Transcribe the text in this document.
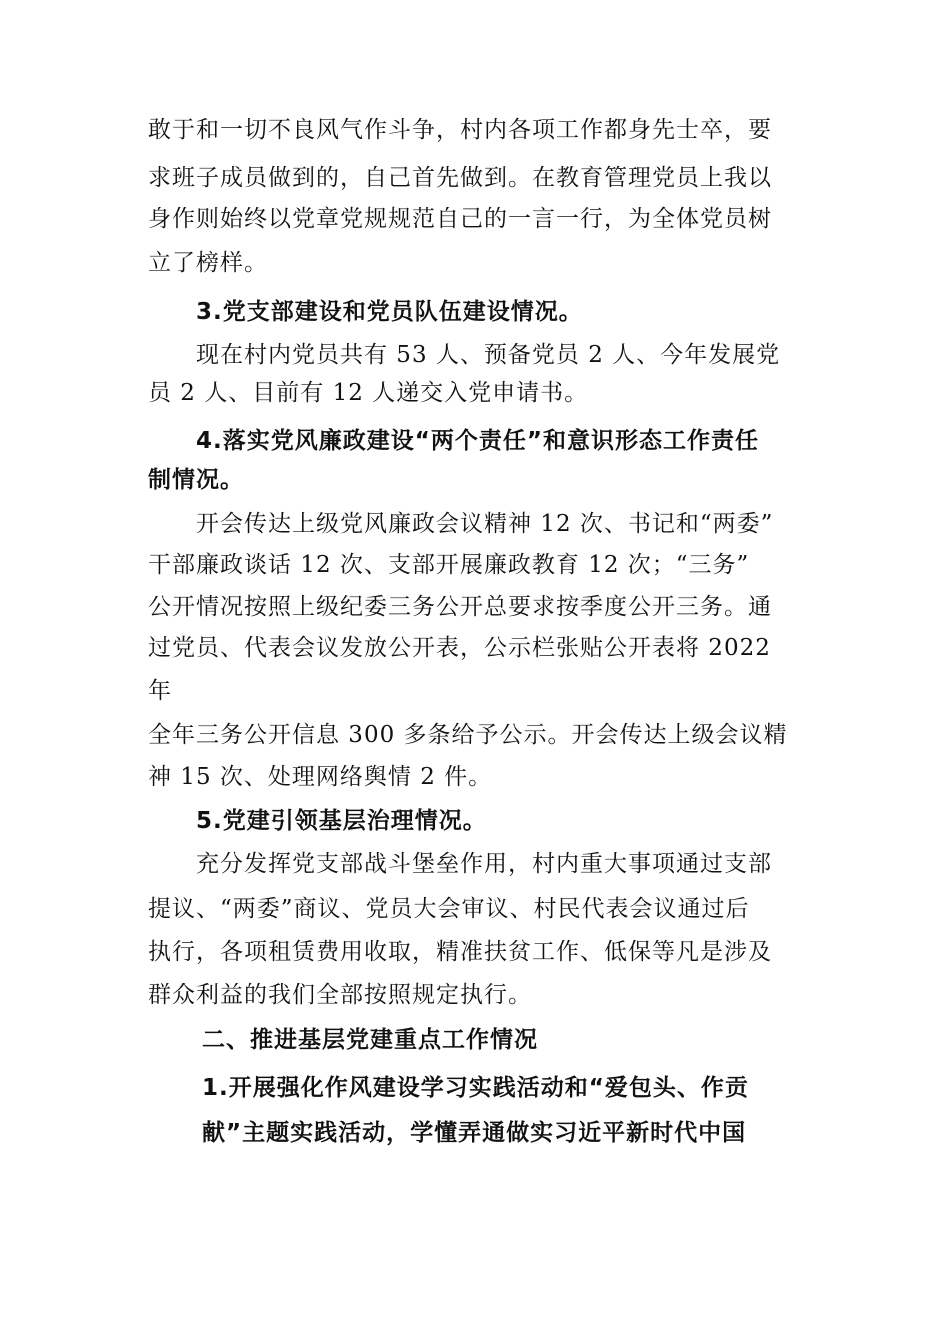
敢于和一切不良风气作斗争，村内各项工作都身先士卒，要
求班子成员做到的，自己首先做到。在教育管理党员上我以
身作则始终以党章党规规范自己的一言一行，为全体党员树
立了榜样。
3.党支部建设和党员队伍建设情况。
现在村内党员共有 53 人、预备党员 2 人、今年发展党
员 2 人、目前有 12 人递交入党申请书。
4.落实党风廉政建设“两个责任”和意识形态工作责任
制情况。
开会传达上级党风廉政会议精神 12 次、书记和“两委”
干部廉政谈话 12 次、支部开展廉政教育 12 次；“三务”
公开情况按照上级纪委三务公开总要求按季度公开三务。通
过党员、代表会议发放公开表，公示栏张贴公开表将 2022
年
全年三务公开信息 300 多条给予公示。开会传达上级会议精
神 15 次、处理网络舆情 2 件。
5.党建引领基层治理情况。
充分发挥党支部战斗堡垒作用，村内重大事项通过支部
提议、“两委”商议、党员大会审议、村民代表会议通过后
执行，各项租赁费用收取，精准扶贫工作、低保等凡是涉及
群众利益的我们全部按照规定执行。
二、推进基层党建重点工作情况
1.开展强化作风建设学习实践活动和“爱包头、作贡
献”主题实践活动，学懂弄通做实习近平新时代中国
